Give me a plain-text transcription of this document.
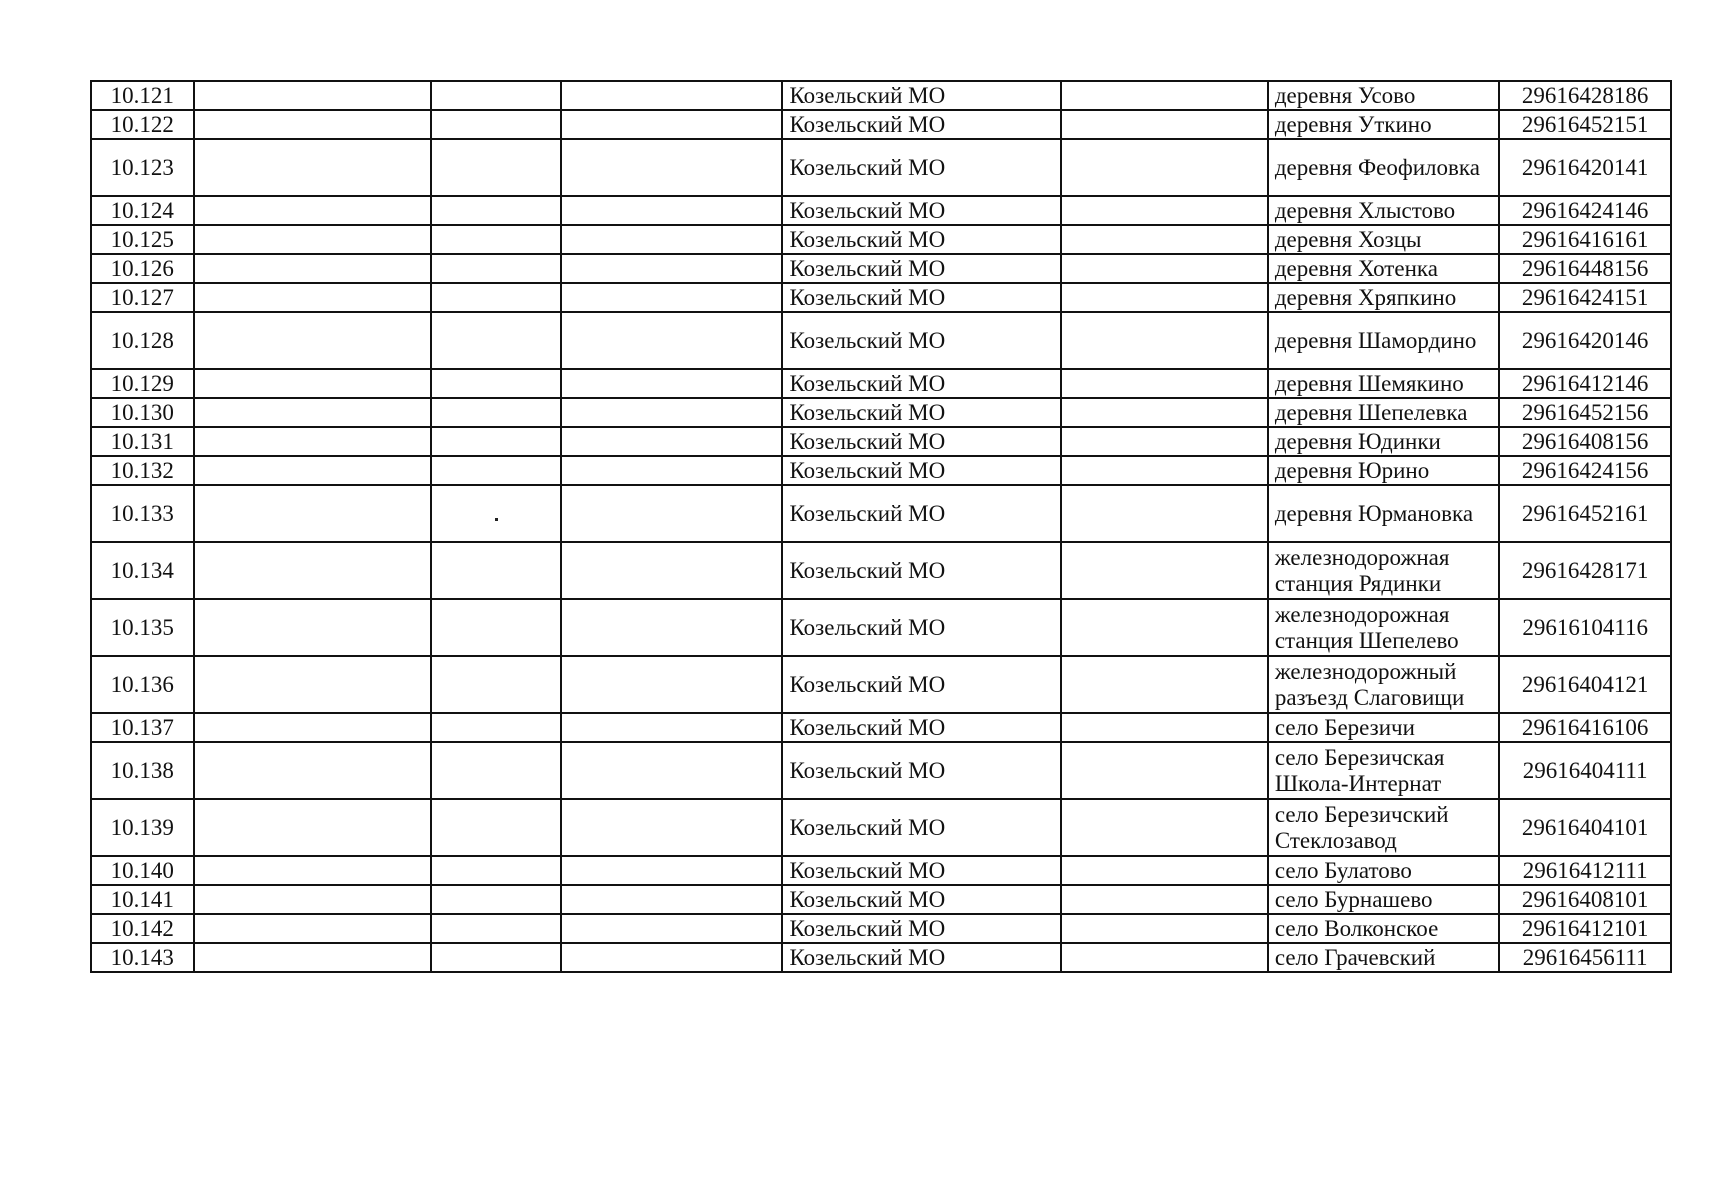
10.121				Козельский МО		деревня Усово	29616428186
10.122				Козельский МО		деревня Уткино	29616452151
10.123				Козельский МО		деревня Феофиловка	29616420141
10.124				Козельский МО		деревня Хлыстово	29616424146
10.125				Козельский МО		деревня Хозцы	29616416161
10.126				Козельский МО		деревня Хотенка	29616448156
10.127				Козельский МО		деревня Хряпкино	29616424151
10.128				Козельский МО		деревня Шамордино	29616420146
10.129				Козельский МО		деревня Шемякино	29616412146
10.130				Козельский МО		деревня Шепелевка	29616452156
10.131				Козельский МО		деревня Юдинки	29616408156
10.132				Козельский МО		деревня Юрино	29616424156
10.133				Козельский МО		деревня Юрмановка	29616452161
10.134				Козельский МО		железнодорожная станция Рядинки	29616428171
10.135				Козельский МО		железнодорожная станция Шепелево	29616104116
10.136				Козельский МО		железнодорожный разъезд Слаговищи	29616404121
10.137				Козельский МО		село Березичи	29616416106
10.138				Козельский МО		село Березичская Школа-Интернат	29616404111
10.139				Козельский МО		село Березичский Стеклозавод	29616404101
10.140				Козельский МО		село Булатово	29616412111
10.141				Козельский МО		село Бурнашево	29616408101
10.142				Козельский МО		село Волконское	29616412101
10.143				Козельский МО		село Грачевский	29616456111
